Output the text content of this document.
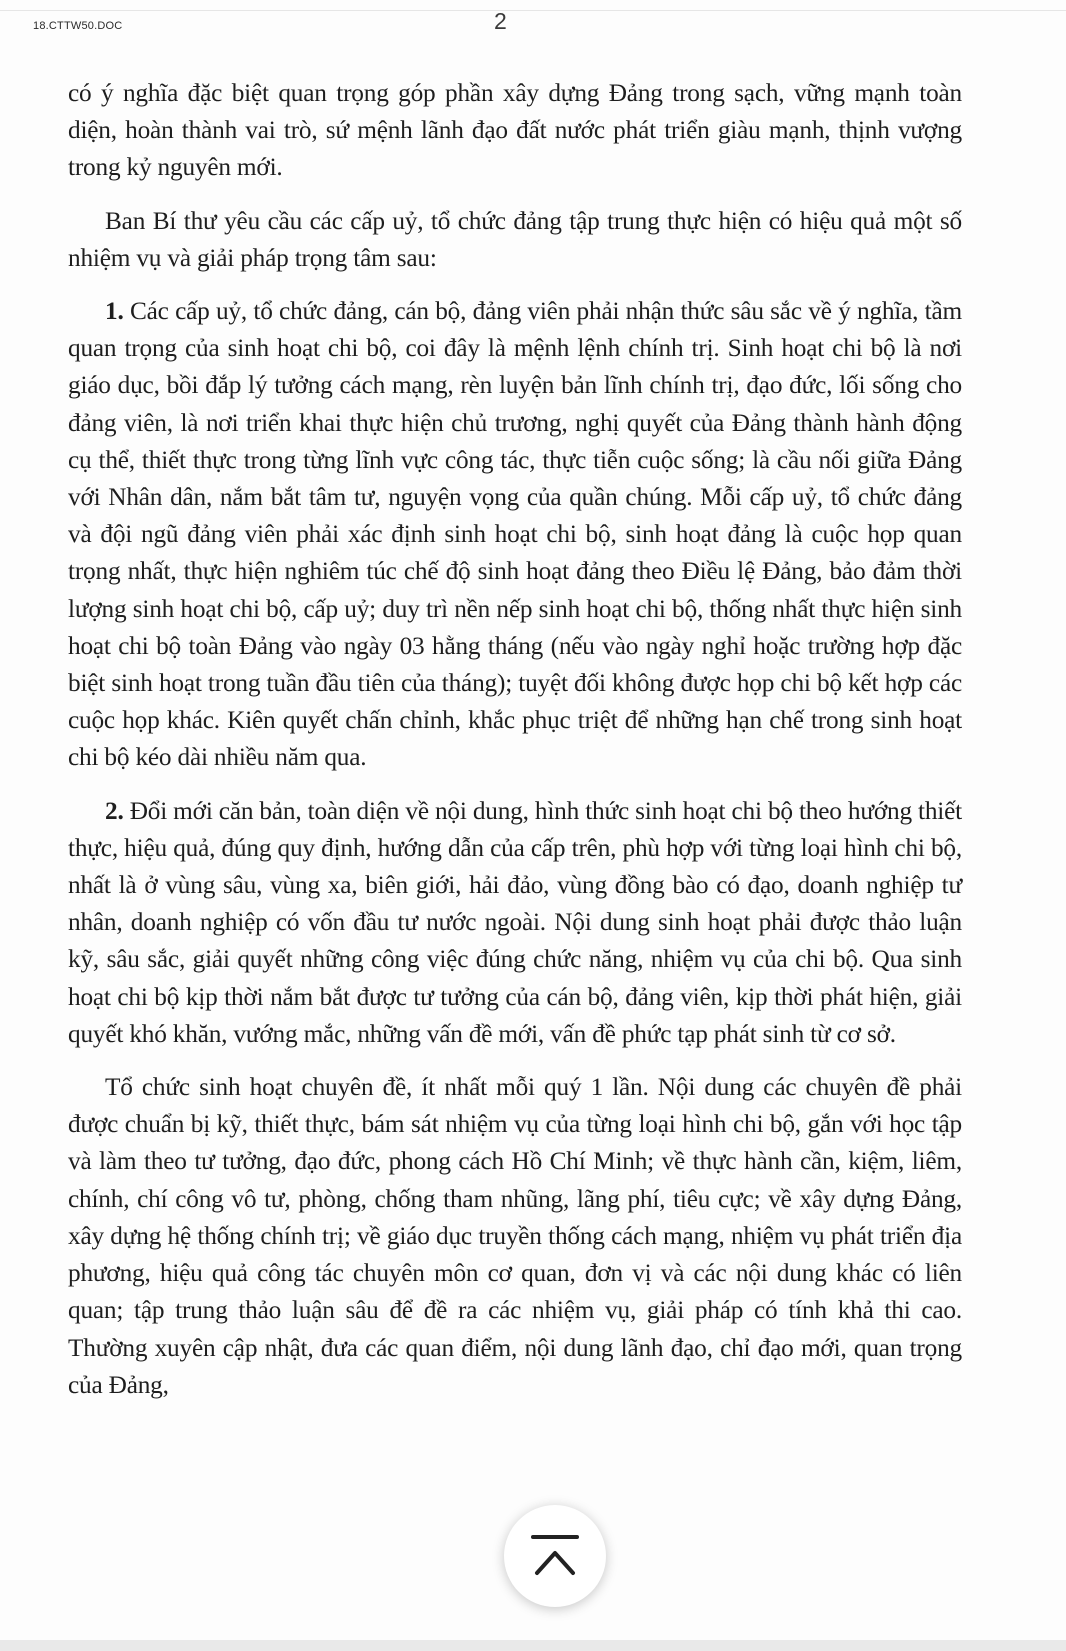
18.CTTW50.DOC	2

có ý nghĩa đặc biệt quan trọng góp phần xây dựng Đảng trong sạch, vững mạnh toàn diện, hoàn thành vai trò, sứ mệnh lãnh đạo đất nước phát triển giàu mạnh, thịnh vượng trong kỷ nguyên mới.

Ban Bí thư yêu cầu các cấp uỷ, tổ chức đảng tập trung thực hiện có hiệu quả một số nhiệm vụ và giải pháp trọng tâm sau:

1. Các cấp uỷ, tổ chức đảng, cán bộ, đảng viên phải nhận thức sâu sắc về ý nghĩa, tầm quan trọng của sinh hoạt chi bộ, coi đây là mệnh lệnh chính trị. Sinh hoạt chi bộ là nơi giáo dục, bồi đắp lý tưởng cách mạng, rèn luyện bản lĩnh chính trị, đạo đức, lối sống cho đảng viên, là nơi triển khai thực hiện chủ trương, nghị quyết của Đảng thành hành động cụ thể, thiết thực trong từng lĩnh vực công tác, thực tiễn cuộc sống; là cầu nối giữa Đảng với Nhân dân, nắm bắt tâm tư, nguyện vọng của quần chúng. Mỗi cấp uỷ, tổ chức đảng và đội ngũ đảng viên phải xác định sinh hoạt chi bộ, sinh hoạt đảng là cuộc họp quan trọng nhất, thực hiện nghiêm túc chế độ sinh hoạt đảng theo Điều lệ Đảng, bảo đảm thời lượng sinh hoạt chi bộ, cấp uỷ; duy trì nền nếp sinh hoạt chi bộ, thống nhất thực hiện sinh hoạt chi bộ toàn Đảng vào ngày 03 hằng tháng (nếu vào ngày nghỉ hoặc trường hợp đặc biệt sinh hoạt trong tuần đầu tiên của tháng); tuyệt đối không được họp chi bộ kết hợp các cuộc họp khác. Kiên quyết chấn chỉnh, khắc phục triệt để những hạn chế trong sinh hoạt chi bộ kéo dài nhiều năm qua.

2. Đổi mới căn bản, toàn diện về nội dung, hình thức sinh hoạt chi bộ theo hướng thiết thực, hiệu quả, đúng quy định, hướng dẫn của cấp trên, phù hợp với từng loại hình chi bộ, nhất là ở vùng sâu, vùng xa, biên giới, hải đảo, vùng đồng bào có đạo, doanh nghiệp tư nhân, doanh nghiệp có vốn đầu tư nước ngoài. Nội dung sinh hoạt phải được thảo luận kỹ, sâu sắc, giải quyết những công việc đúng chức năng, nhiệm vụ của chi bộ. Qua sinh hoạt chi bộ kịp thời nắm bắt được tư tưởng của cán bộ, đảng viên, kịp thời phát hiện, giải quyết khó khăn, vướng mắc, những vấn đề mới, vấn đề phức tạp phát sinh từ cơ sở.

Tổ chức sinh hoạt chuyên đề, ít nhất mỗi quý 1 lần. Nội dung các chuyên đề phải được chuẩn bị kỹ, thiết thực, bám sát nhiệm vụ của từng loại hình chi bộ, gắn với học tập và làm theo tư tưởng, đạo đức, phong cách Hồ Chí Minh; về thực hành cần, kiệm, liêm, chính, chí công vô tư, phòng, chống tham nhũng, lãng phí, tiêu cực; về xây dựng Đảng, xây dựng hệ thống chính trị; về giáo dục truyền thống cách mạng, nhiệm vụ phát triển địa phương, hiệu quả công tác chuyên môn cơ quan, đơn vị và các nội dung khác có liên quan; tập trung thảo luận sâu để đề ra các nhiệm vụ, giải pháp có tính khả thi cao. Thường xuyên cập nhật, đưa các quan điểm, nội dung lãnh đạo, chỉ đạo mới, quan trọng của Đảng,
